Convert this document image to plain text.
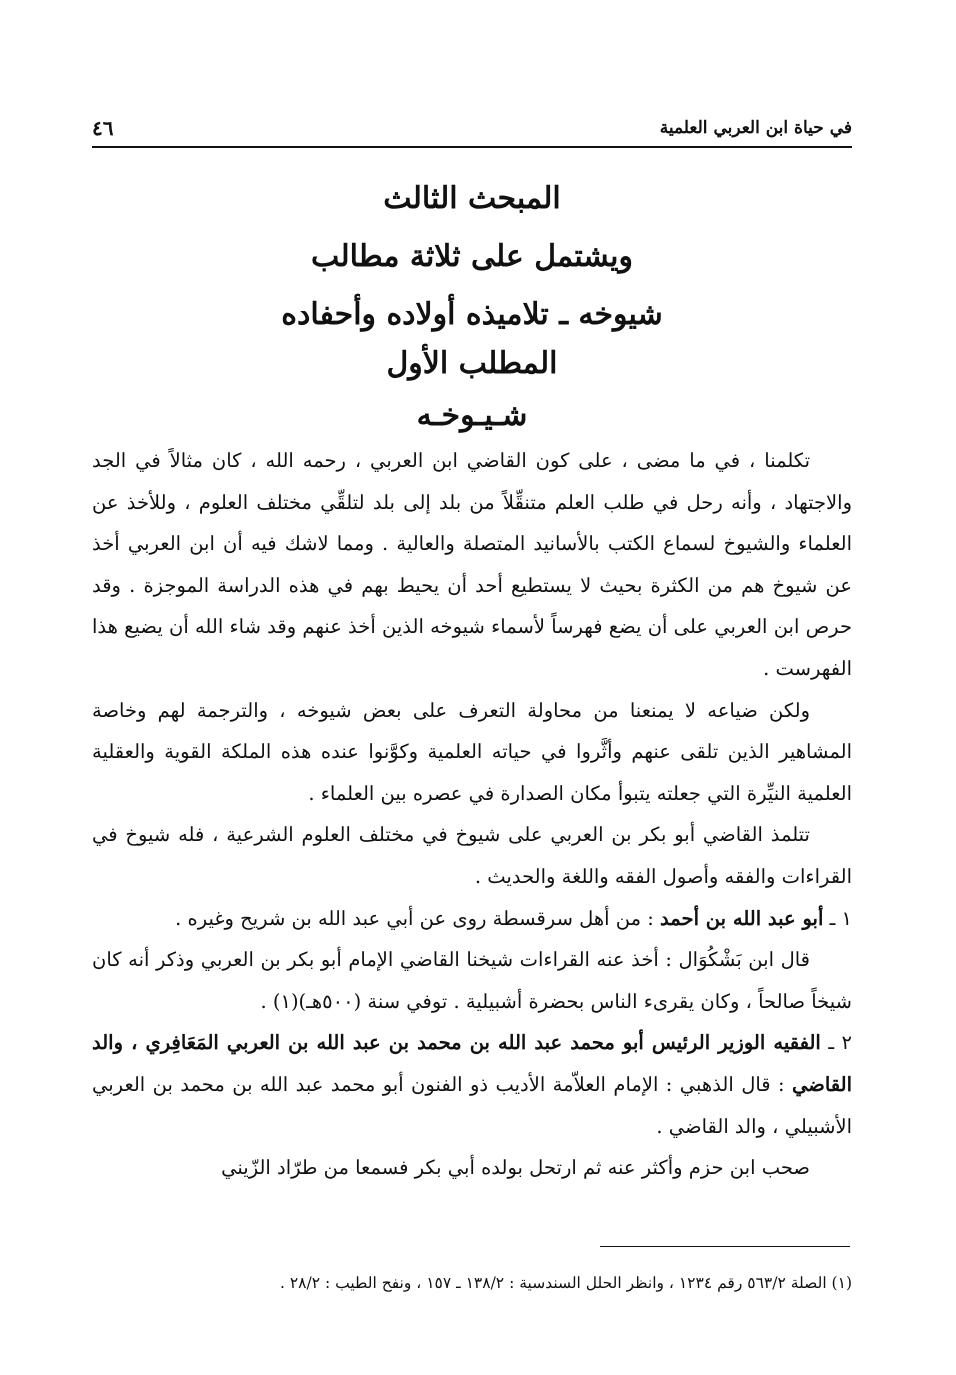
في حياة ابن العربي العلمية
٤٦

المبحث الثالث

ويشتمل على ثلاثة مطالب

شيوخه ـ تلاميذه أولاده وأحفاده

المطلب الأول

شـيـوخـه

تكلمنا ، في ما مضى ، على كون القاضي ابن العربي ، رحمه الله ، كان مثالاً في الجد والاجتهاد ، وأنه رحل في طلب العلم متنقِّلاً من بلد إلى بلد لتلقِّي مختلف العلوم ، وللأخذ عن العلماء والشيوخ لسماع الكتب بالأسانيد المتصلة والعالية . ومما لاشك فيه أن ابن العربي أخذ عن شيوخ هم من الكثرة بحيث لا يستطيع أحد أن يحيط بهم في هذه الدراسة الموجزة . وقد حرص ابن العربي على أن يضع فهرساً لأسماء شيوخه الذين أخذ عنهم وقد شاء الله أن يضيع هذا الفهرست .

ولكن ضياعه لا يمنعنا من محاولة التعرف على بعض شيوخه ، والترجمة لهم وخاصة المشاهير الذين تلقى عنهم وأثَّروا في حياته العلمية وكوَّنوا عنده هذه الملكة القوية والعقلية العلمية النيِّرة التي جعلته يتبوأ مكان الصدارة في عصره بين العلماء .

تتلمذ القاضي أبو بكر بن العربي على شيوخ في مختلف العلوم الشرعية ، فله شيوخ في القراءات والفقه وأصول الفقه واللغة والحديث .

١ ـ أبو عبد الله بن أحمد : من أهل سرقسطة روى عن أبي عبد الله بن شريح وغيره .

قال ابن بَشْكُوَال : أخذ عنه القراءات شيخنا القاضي الإمام أبو بكر بن العربي وذكر أنه كان شيخاً صالحاً ، وكان يقرىء الناس بحضرة أشبيلية . توفي سنة (٥٠٠هـ)(١) .

٢ ـ الفقيه الوزير الرئيس أبو محمد عبد الله بن محمد بن عبد الله بن العربي المَعَافِري ، والد القاضي : قال الذهبي : الإمام العلاّمة الأديب ذو الفنون أبو محمد عبد الله بن محمد بن العربي الأشبيلي ، والد القاضي .

صحب ابن حزم وأكثر عنه ثم ارتحل بولده أبي بكر فسمعا من طرّاد الزّيني

(١) الصلة ٥٦٣/٢ رقم ١٢٣٤ ، وانظر الحلل السندسية : ١٣٨/٢ ـ ١٥٧ ، ونفح الطيب : ٢٨/٢ .
